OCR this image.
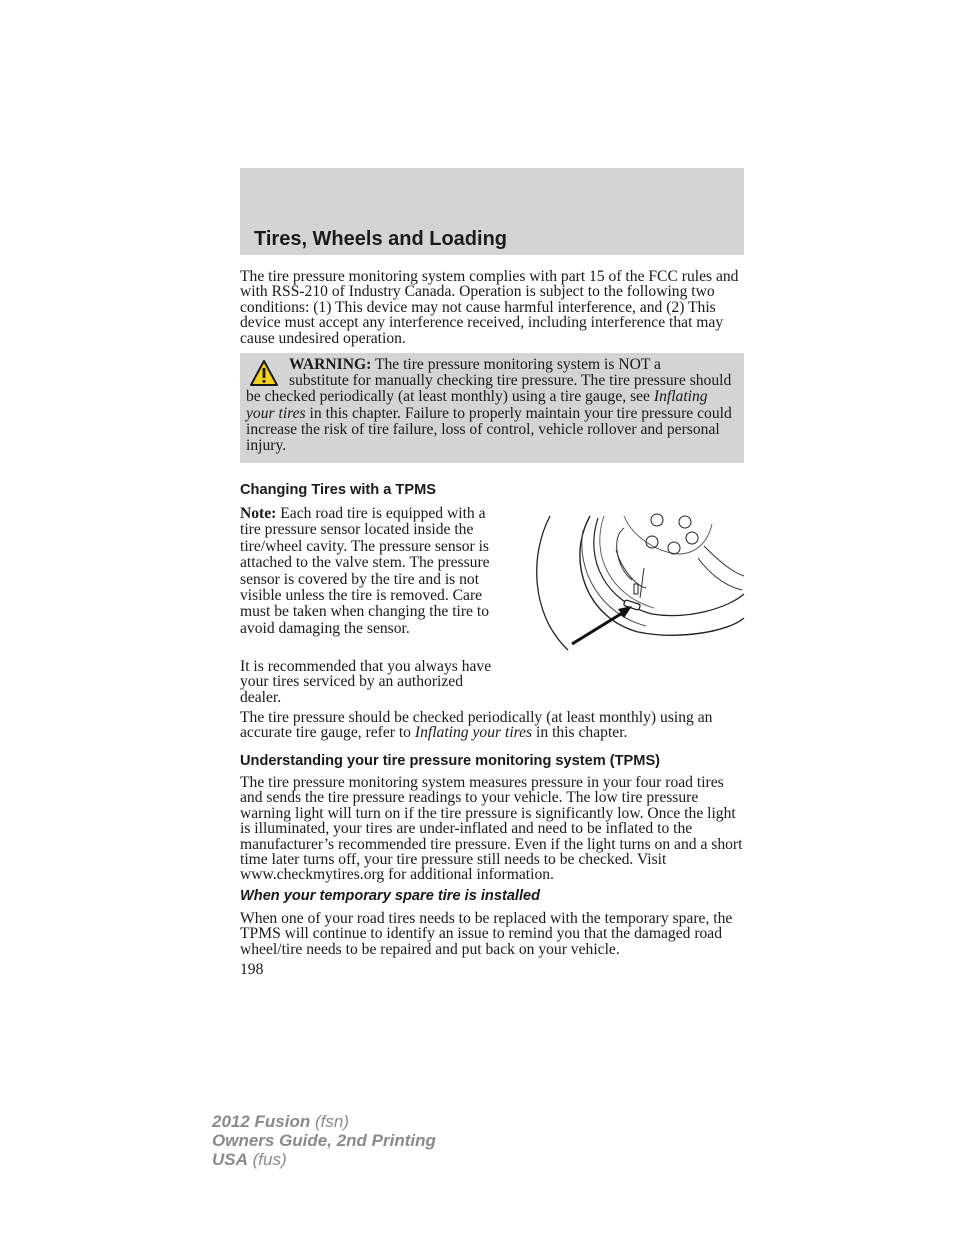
Tires, Wheels and Loading
The tire pressure monitoring system complies with part 15 of the FCC rules and with RSS-210 of Industry Canada. Operation is subject to the following two conditions: (1) This device may not cause harmful interference, and (2) This device must accept any interference received, including interference that may cause undesired operation.
WARNING: The tire pressure monitoring system is NOT a
substitute for manually checking tire pressure. The tire pressure should be checked periodically (at least monthly) using a tire gauge, see Inflating your tires in this chapter. Failure to properly maintain your tire pressure could increase the risk of tire failure, loss of control, vehicle rollover and personal injury.
Changing Tires with a TPMS
Note: Each road tire is equipped with a tire pressure sensor located inside the tire/wheel cavity. The pressure sensor is attached to the valve stem. The pressure sensor is covered by the tire and is not visible unless the tire is removed. Care must be taken when changing the tire to avoid damaging the sensor.
It is recommended that you always have your tires serviced by an authorized dealer.
The tire pressure should be checked periodically (at least monthly) using an accurate tire gauge, refer to Inflating your tires in this chapter.
Understanding your tire pressure monitoring system (TPMS)
The tire pressure monitoring system measures pressure in your four road tires and sends the tire pressure readings to your vehicle. The low tire pressure warning light will turn on if the tire pressure is significantly low. Once the light is illuminated, your tires are under-inflated and need to be inflated to the manufacturer’s recommended tire pressure. Even if the light turns on and a short time later turns off, your tire pressure still needs to be checked. Visit www.checkmytires.org for additional information.
When your temporary spare tire is installed
When one of your road tires needs to be replaced with the temporary spare, the TPMS will continue to identify an issue to remind you that the damaged road wheel/tire needs to be repaired and put back on your vehicle.
198
2012 Fusion (fsn)
Owners Guide, 2nd Printing
USA (fus)
